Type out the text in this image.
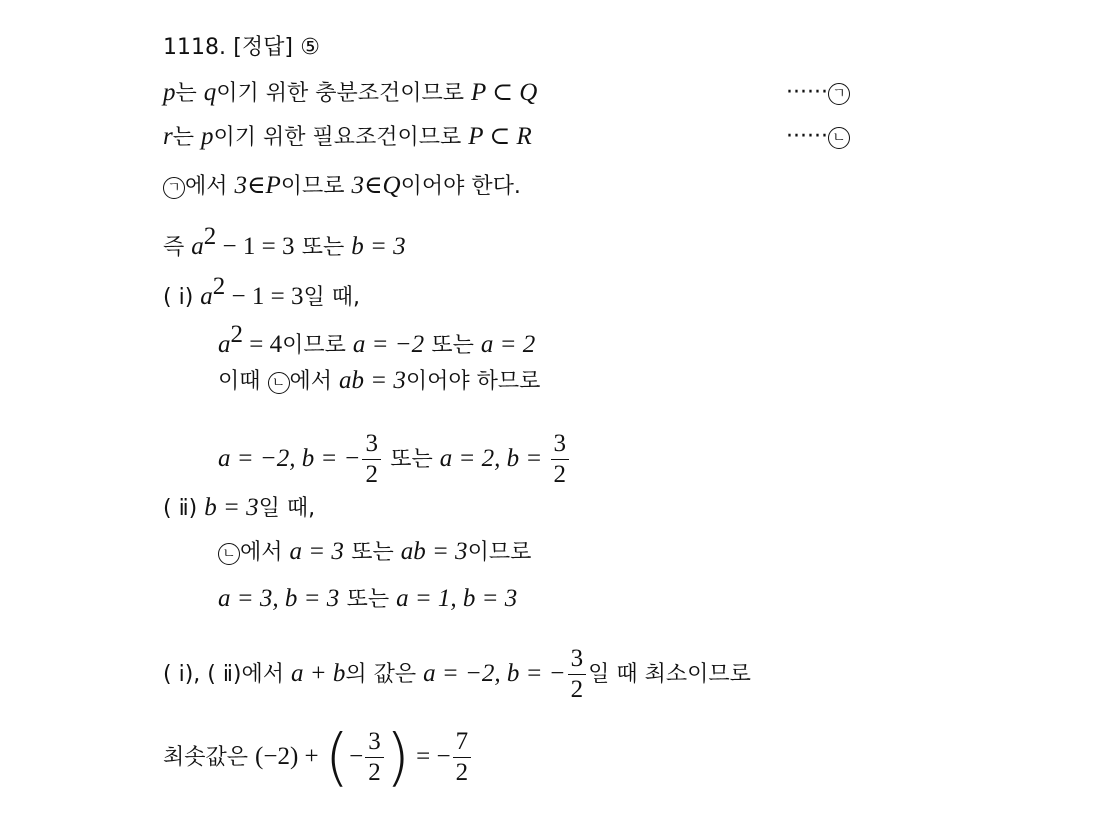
1118. [정답] ⑤
p는 q이기 위한 충분조건이므로 P ⊂ Q	······ ㄱ
r는 p이기 위한 필요조건이므로 P ⊂ R	······ ㄴ
ㄱ 에서 3∈P이므로 3∈Q이어야 한다.
즉 $a^2 - 1 = 3$ 또는 b = 3
( ⅰ) $a^2 - 1 = 3$일 때,
$a^2 = 4$이므로 a = −2 또는 a = 2
이때 ㄴ 에서 ab = 3이어야 하므로
a = −2, b = − $\frac{3}{2}$ 또는 a = 2, $b = \frac{3}{2}$
( ⅱ) b = 3일 때,
ㄴ 에서 a = 3 또는 ab = 3이므로
a = 3, b = 3 또는 a = 1, b = 3
( ⅰ), ( ⅱ)에서 a + b의 값은 a = −2, b = − $\frac{3}{2}$ 일 때 최소이므로
최솟값은 (−2) + (− $\frac{3}{2}$ ) = − $\frac{7}{2}$
